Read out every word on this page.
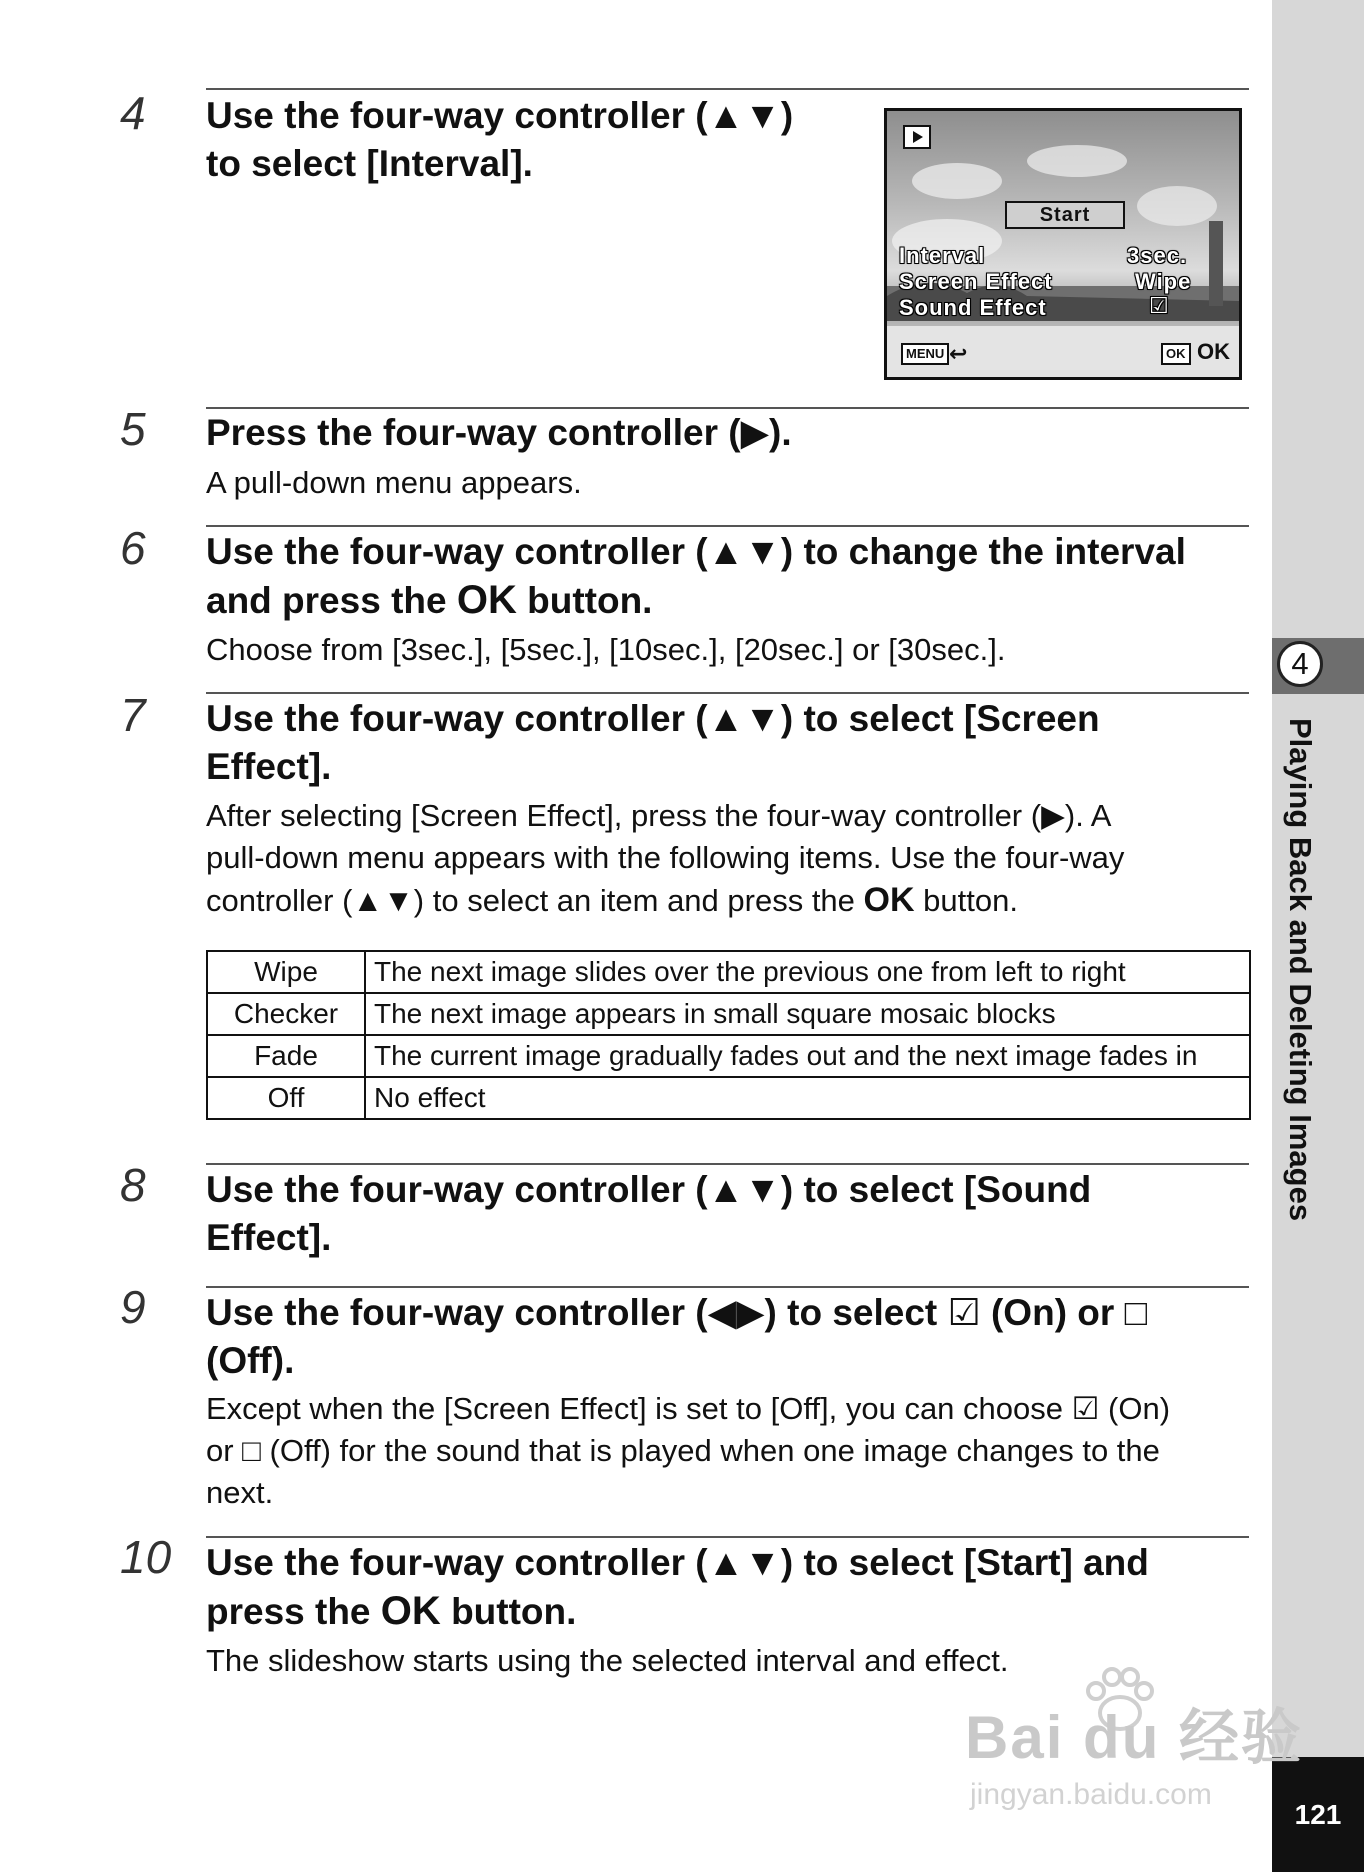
4
Playing Back and Deleting Images
121
4 Use the four-way controller (▲▼)
to select [Interval].
Start
Interval	3sec.
Screen Effect	Wipe
Sound Effect	☑
MENU ↩	OK OK
5 Press the four-way controller (▶).
A pull-down menu appears.
6 Use the four-way controller (▲▼) to change the interval
and press the OK button.
Choose from [3sec.], [5sec.], [10sec.], [20sec.] or [30sec.].
7 Use the four-way controller (▲▼) to select [Screen
Effect].
After selecting [Screen Effect], press the four-way controller (▶). A
pull-down menu appears with the following items. Use the four-way
controller (▲▼) to select an item and press the OK button.
Wipe	The next image slides over the previous one from left to right
Checker	The next image appears in small square mosaic blocks
Fade	The current image gradually fades out and the next image fades in
Off	No effect
8 Use the four-way controller (▲▼) to select [Sound
Effect].
9 Use the four-way controller (◀▶) to select ☑ (On) or □
(Off).
Except when the [Screen Effect] is set to [Off], you can choose ☑ (On)
or □ (Off) for the sound that is played when one image changes to the
next.
10 Use the four-way controller (▲▼) to select [Start] and
press the OK button.
The slideshow starts using the selected interval and effect.
Bai du 经验
jingyan.baidu.com
